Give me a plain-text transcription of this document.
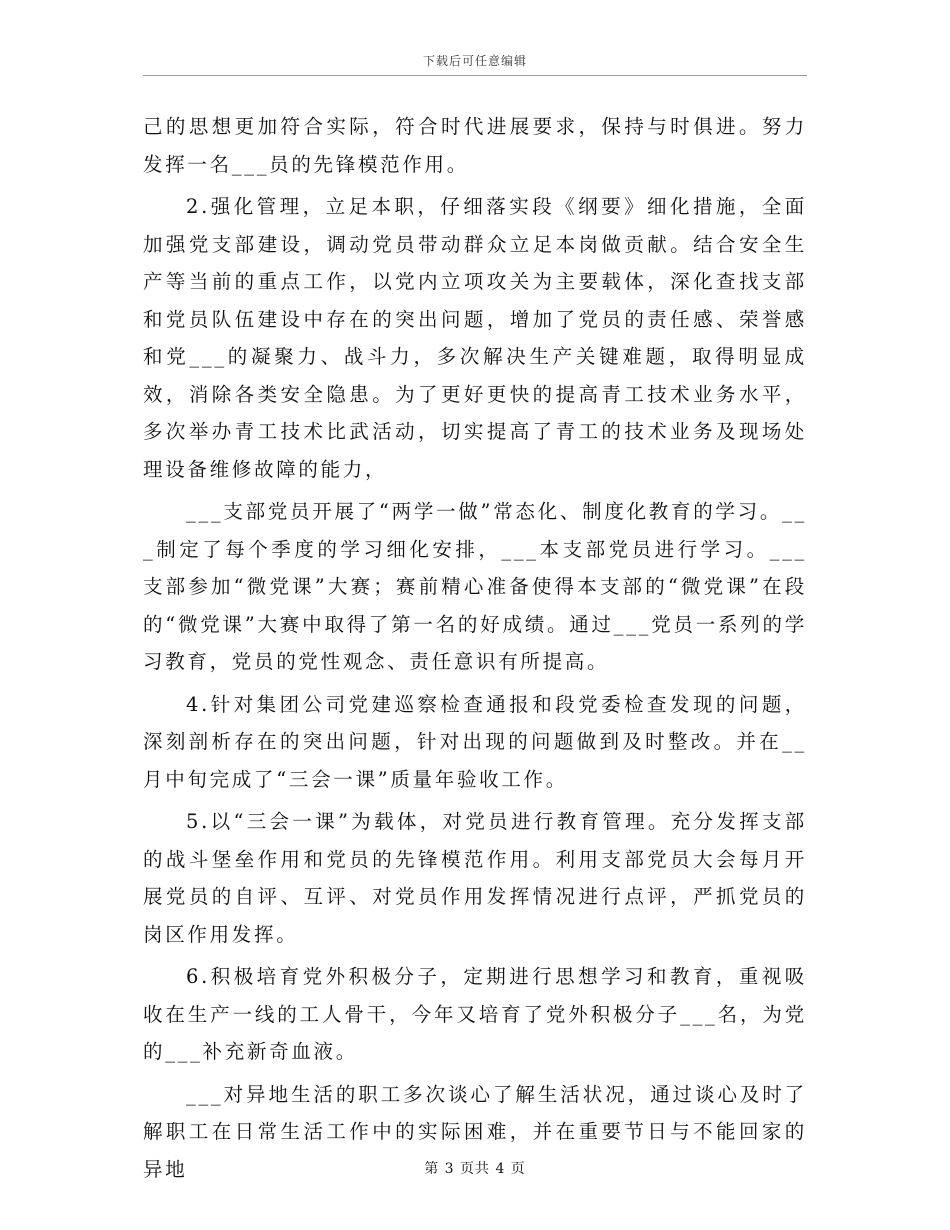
下载后可任意编辑

己的思想更加符合实际，符合时代进展要求，保持与时俱进。努力发挥一名___员的先锋模范作用。

2.强化管理，立足本职，仔细落实段《纲要》细化措施，全面加强党支部建设，调动党员带动群众立足本岗做贡献。结合安全生产等当前的重点工作，以党内立项攻关为主要载体，深化查找支部和党员队伍建设中存在的突出问题，增加了党员的责任感、荣誉感和党___的凝聚力、战斗力，多次解决生产关键难题，取得明显成效，消除各类安全隐患。为了更好更快的提高青工技术业务水平，多次举办青工技术比武活动，切实提高了青工的技术业务及现场处理设备维修故障的能力，

___支部党员开展了“两学一做”常态化、制度化教育的学习。___制定了每个季度的学习细化安排，___本支部党员进行学习。___支部参加“微党课”大赛；赛前精心准备使得本支部的“微党课”在段的“微党课”大赛中取得了第一名的好成绩。通过___党员一系列的学习教育，党员的党性观念、责任意识有所提高。

4.针对集团公司党建巡察检查通报和段党委检查发现的问题，深刻剖析存在的突出问题，针对出现的问题做到及时整改。并在__月中旬完成了“三会一课”质量年验收工作。

5.以“三会一课”为载体，对党员进行教育管理。充分发挥支部的战斗堡垒作用和党员的先锋模范作用。利用支部党员大会每月开展党员的自评、互评、对党员作用发挥情况进行点评，严抓党员的岗区作用发挥。

6.积极培育党外积极分子，定期进行思想学习和教育，重视吸收在生产一线的工人骨干，今年又培育了党外积极分子___名，为党的___补充新奇血液。

___对异地生活的职工多次谈心了解生活状况，通过谈心及时了解职工在日常生活工作中的实际困难，并在重要节日与不能回家的异地	第 3 页共 4 页
